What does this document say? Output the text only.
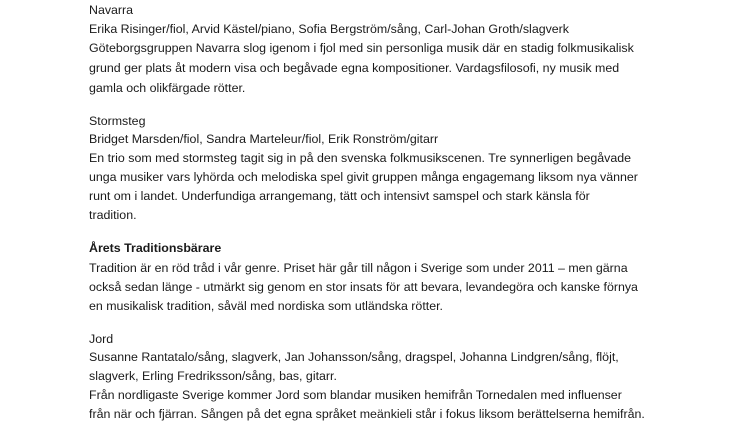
Navarra
Erika Risinger/fiol, Arvid Kästel/piano, Sofia Bergström/sång, Carl-Johan Groth/slagverk
Göteborgsgruppen Navarra slog igenom i fjol med sin personliga musik där en stadig folkmusikalisk
grund ger plats åt modern visa och begåvade egna kompositioner. Vardagsfilosofi, ny musik med
gamla och olikfärgade rötter.
Stormsteg
Bridget Marsden/fiol, Sandra Marteleur/fiol, Erik Ronström/gitarr
En trio som med stormsteg tagit sig in på den svenska folkmusikscenen. Tre synnerligen begåvade
unga musiker vars lyhörda och melodiska spel givit gruppen många engagemang liksom nya vänner
runt om i landet. Underfundiga arrangemang, tätt och intensivt samspel och stark känsla för
tradition.
Årets Traditionsbärare
Tradition är en röd tråd i vår genre. Priset här går till någon i Sverige som under 2011 – men gärna
också sedan länge - utmärkt sig genom en stor insats för att bevara, levandegöra och kanske förnya
en musikalisk tradition, såväl med nordiska som utländska rötter.
Jord
Susanne Rantatalo/sång, slagverk, Jan Johansson/sång, dragspel, Johanna Lindgren/sång, flöjt,
slagverk, Erling Fredriksson/sång, bas, gitarr.
Från nordligaste Sverige kommer Jord som blandar musiken hemifrån Tornedalen med influenser
från när och fjärran. Sången på det egna språket meänkieli står i fokus liksom berättelserna hemifrån.
